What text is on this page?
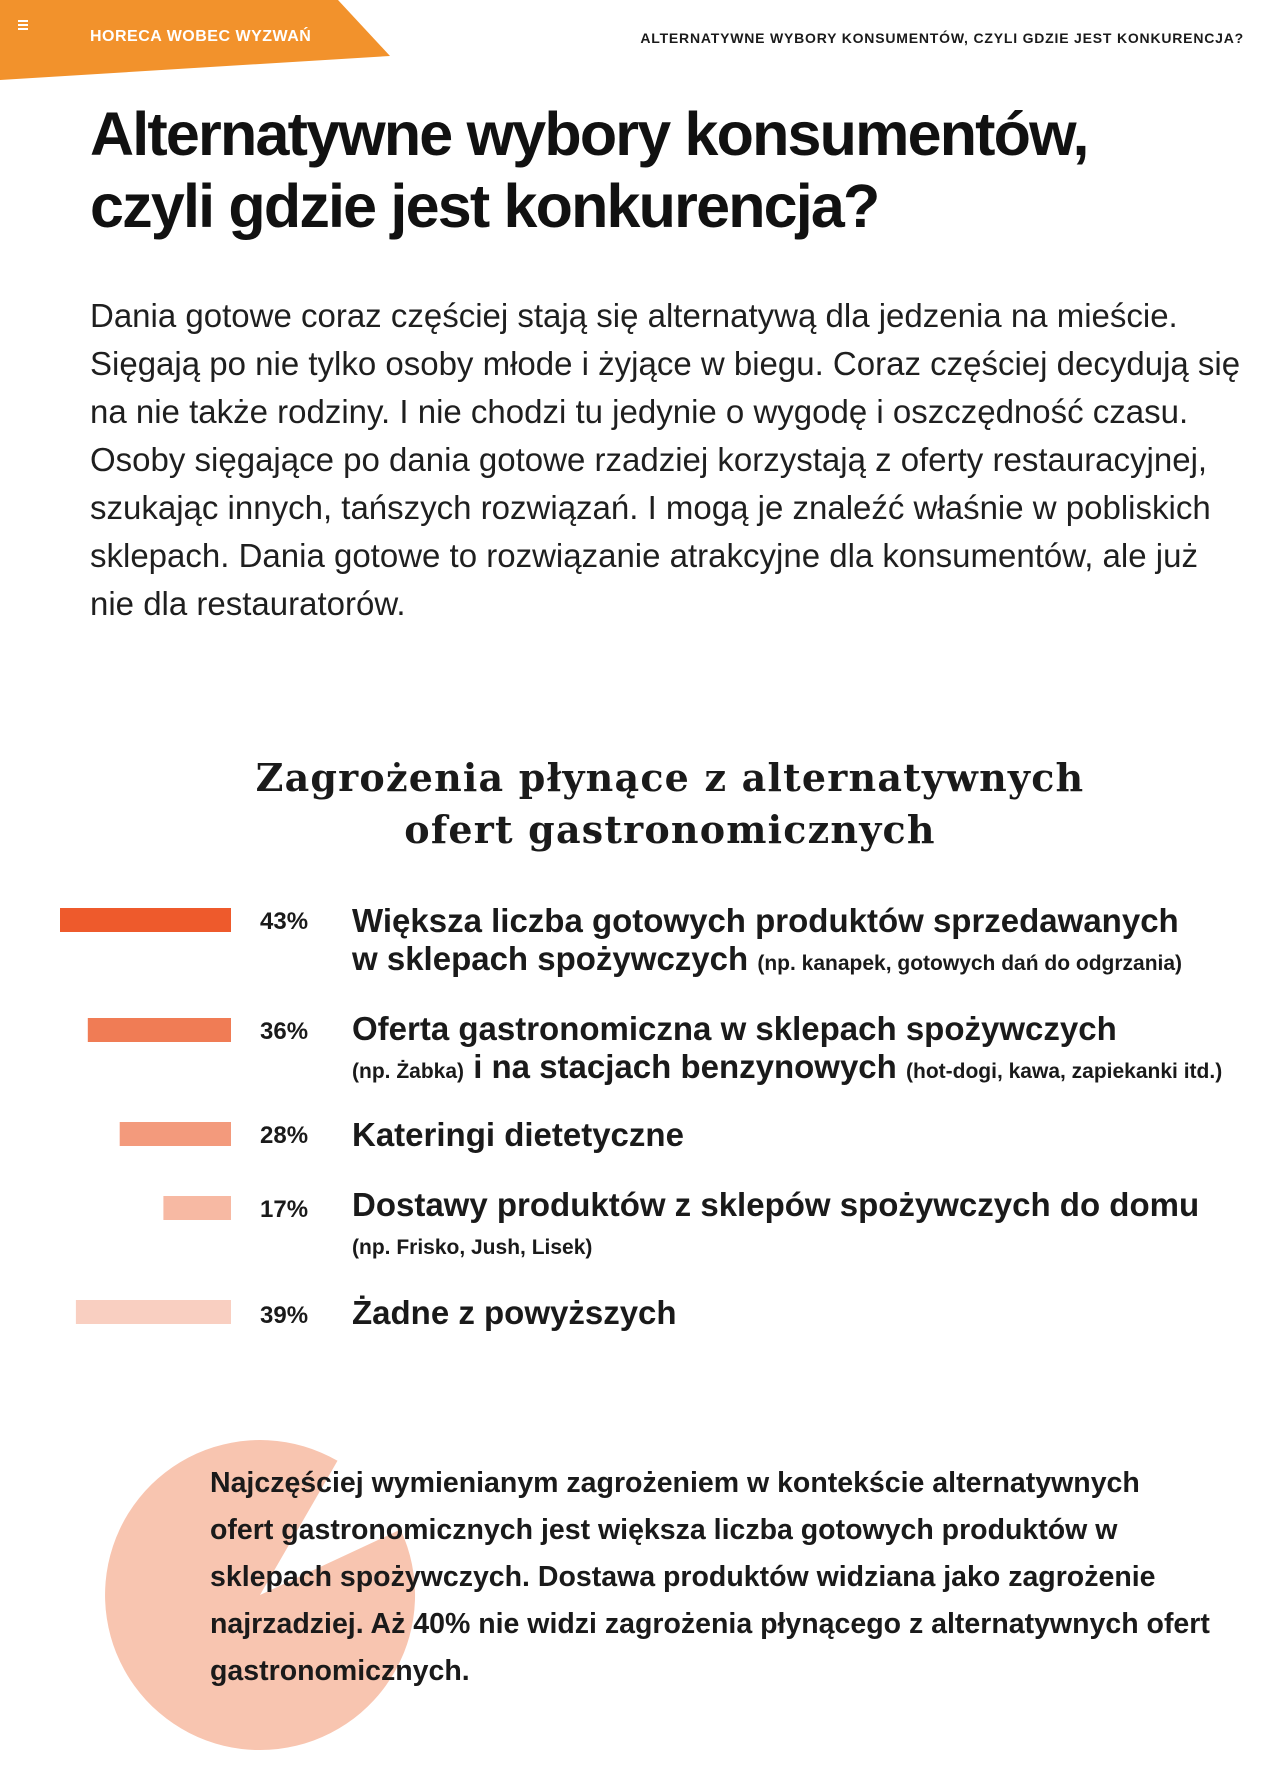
HORECA WOBEC WYZWAŃ	ALTERNATYWNE WYBORY KONSUMENTÓW, CZYLI GDZIE JEST KONKURENCJA?
Alternatywne wybory konsumentów,
czyli gdzie jest konkurencja?

Dania gotowe coraz częściej stają się alternatywą dla jedzenia na mieście. Sięgają po nie tylko osoby młode i żyjące w biegu. Coraz częściej decydują się na nie także rodziny. I nie chodzi tu jedynie o wygodę i oszczędność czasu. Osoby sięgające po dania gotowe rzadziej korzystają z oferty restauracyjnej, szukając innych, tańszych rozwiązań. I mogą je znaleźć właśnie w pobliskich sklepach. Dania gotowe to rozwiązanie atrakcyjne dla konsumentów, ale już nie dla restauratorów.

Zagrożenia płynące z alternatywnych
ofert gastronomicznych
43% Większa liczba gotowych produktów sprzedawanych
w sklepach spożywczych (np. kanapek, gotowych dań do odgrzania)
36% Oferta gastronomiczna w sklepach spożywczych
(np. Żabka) i na stacjach benzynowych (hot-dogi, kawa, zapiekanki itd.)
28% Kateringi dietetyczne
17% Dostawy produktów z sklepów spożywczych do domu
(np. Frisko, Jush, Lisek)
39% Żadne z powyższych

Najczęściej wymienianym zagrożeniem w kontekście alternatywnych ofert gastronomicznych jest większa liczba gotowych produktów w sklepach spożywczych. Dostawa produktów widziana jako zagrożenie najrzadziej. Aż 40% nie widzi zagrożenia płynącego z alternatywnych ofert gastronomicznych.
